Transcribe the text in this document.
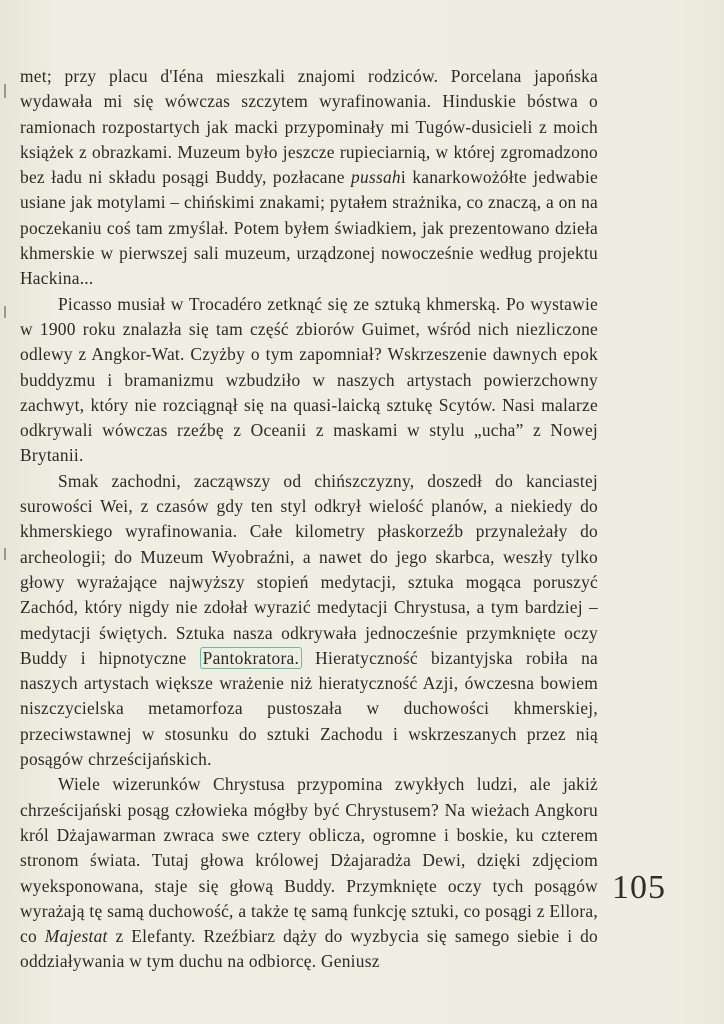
met; przy placu d'Iéna mieszkali znajomi rodziców. Porcelana japońska wydawała mi się wówczas szczytem wyrafinowania. Hinduskie bóstwa o ramionach rozpostartych jak macki przypominały mi Tugów-dusicieli z moich książek z obrazkami. Muzeum było jeszcze rupieciarnią, w której zgromadzono bez ładu ni składu posągi Buddy, pozłacane pussahi kanarkowożółte jedwabie usiane jak motylami – chińskimi znakami; pytałem strażnika, co znaczą, a on na poczekaniu coś tam zmyślał. Potem byłem świadkiem, jak prezentowano dzieła khmerskie w pierwszej sali muzeum, urządzonej nowocześnie według projektu Hackina...

Picasso musiał w Trocadéro zetknąć się ze sztuką khmerską. Po wystawie w 1900 roku znalazła się tam część zbiorów Guimet, wśród nich niezliczone odlewy z Angkor-Wat. Czyżby o tym zapomniał? Wskrzeszenie dawnych epok buddyzmu i bramanizmu wzbudziło w naszych artystach powierzchowny zachwyt, który nie rozciągnął się na quasi-laicką sztukę Scytów. Nasi malarze odkrywali wówczas rzeźbę z Oceanii z maskami w stylu „ucha” z Nowej Brytanii.

Smak zachodni, zacząwszy od chińszczyzny, doszedł do kanciastej surowości Wei, z czasów gdy ten styl odkrył wielość planów, a niekiedy do khmerskiego wyrafinowania. Całe kilometry płaskorzeźb przynależały do archeologii; do Muzeum Wyobraźni, a nawet do jego skarbca, weszły tylko głowy wyrażające najwyższy stopień medytacji, sztuka mogąca poruszyć Zachód, który nigdy nie zdołał wyrazić medytacji Chrystusa, a tym bardziej – medytacji świętych. Sztuka nasza odkrywała jednocześnie przymknięte oczy Buddy i hipnotyczne Pantokratora. Hieratyczność bizantyjska robiła na naszych artystach większe wrażenie niż hieratyczność Azji, ówczesna bowiem niszczycielska metamorfoza pustoszała w duchowości khmerskiej, przeciwstawnej w stosunku do sztuki Zachodu i wskrzeszanych przez nią posągów chrześcijańskich.

Wiele wizerunków Chrystusa przypomina zwykłych ludzi, ale jakiż chrześcijański posąg człowieka mógłby być Chrystusem? Na wieżach Angkoru król Dżajawarman zwraca swe cztery oblicza, ogromne i boskie, ku czterem stronom świata. Tutaj głowa królowej Dżajaradża Dewi, dzięki zdjęciom wyeksponowana, staje się głową Buddy. Przymknięte oczy tych posągów wyrażają tę samą duchowość, a także tę samą funkcję sztuki, co posągi z Ellora, co Majestat z Elefanty. Rzeźbiarz dąży do wyzbycia się samego siebie i do oddziaływania w tym duchu na odbiorcę. Geniusz

105
